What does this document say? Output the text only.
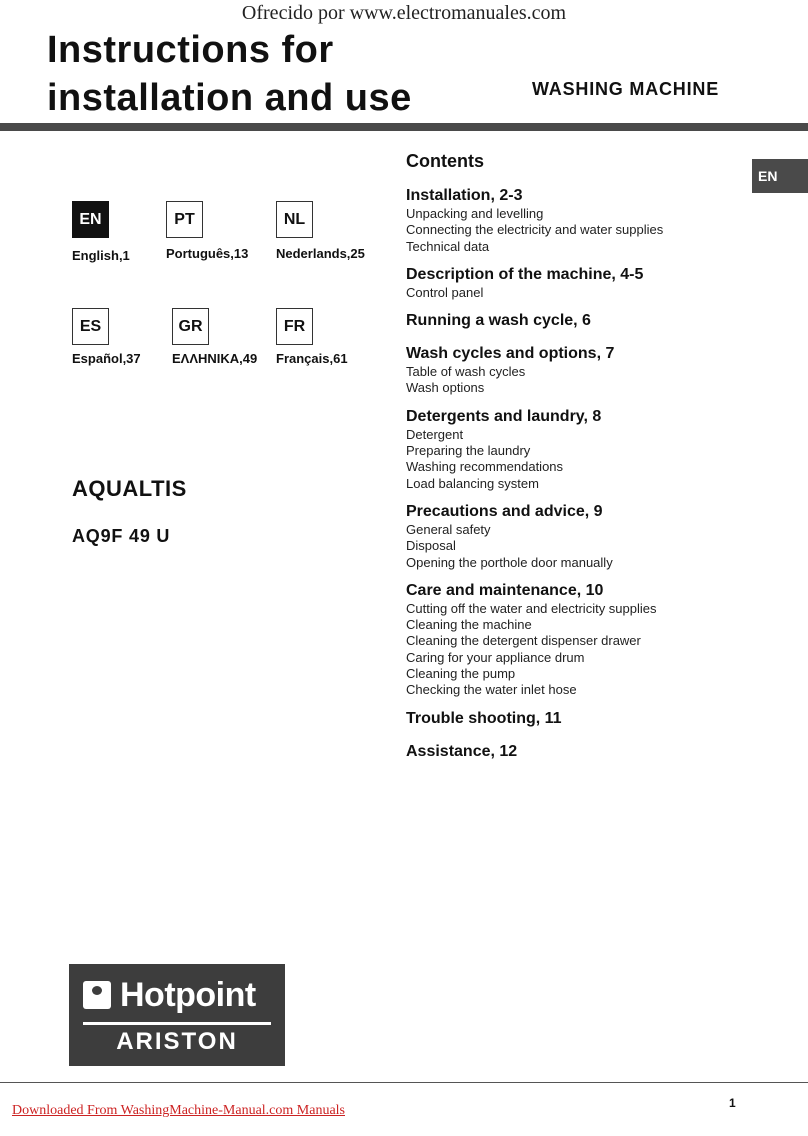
Ofrecido por www.electromanuales.com
Instructions for
installation and use	WASHING MACHINE
EN
English,1
PT
Português,13
NL
Nederlands,25
ES
Español,37
GR
ΕΛΛΗΝΙΚΑ,49
FR
Français,61
AQUALTIS
AQ9F 49 U
Contents
Installation, 2-3
Unpacking and levelling
Connecting the electricity and water supplies
Technical data
Description of the machine, 4-5
Control panel
Running a wash cycle, 6
Wash cycles and options, 7
Table of wash cycles
Wash options
Detergents and laundry, 8
Detergent
Preparing the laundry
Washing recommendations
Load balancing system
Precautions and advice, 9
General safety
Disposal
Opening the porthole door manually
Care and maintenance, 10
Cutting off the water and electricity supplies
Cleaning the machine
Cleaning the detergent dispenser drawer
Caring for your appliance drum
Cleaning the pump
Checking the water inlet hose
Trouble shooting, 11
Assistance, 12
EN
Hotpoint
ARISTON
Downloaded From WashingMachine-Manual.com Manuals	1
